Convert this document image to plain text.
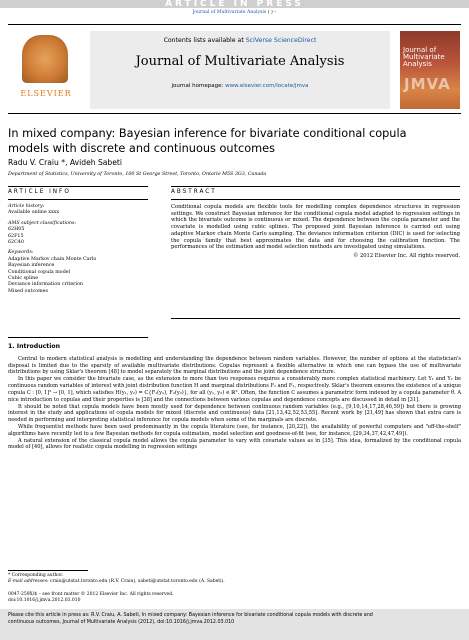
ARTICLE IN PRESS
Journal of Multivariate Analysis ( ) –
ELSEVIER
Contents lists available at SciVerse ScienceDirect
Journal of Multivariate Analysis
journal homepage: www.elsevier.com/locate/jmva
Journal of Multivariate Analysis
JMVA
In mixed company: Bayesian inference for bivariate conditional copula
models with discrete and continuous outcomes
Radu V. Craiu *, Avideh Sabeti
Department of Statistics, University of Toronto, 100 St George Street, Toronto, Ontario M5S 3G3, Canada
ARTICLE INFO	ABSTRACT
Article history:
Available online xxxx
AMS subject classifications:
62H05
62F15
62C40
Keywords:
Adaptive Markov chain Monte Carlo
Bayesian inference
Conditional copula model
Cubic spline
Deviance information criterion
Mixed outcomes
Conditional copula models are flexible tools for modelling complex dependence structures in regression settings. We construct Bayesian inference for the conditional copula model adapted to regression settings in which the bivariate outcome is continuous or mixed. The dependence between the copula parameter and the covariate is modelled using cubic splines. The proposed joint Bayesian inference is carried out using adaptive Markov chain Monte Carlo sampling. The deviance information criterion (DIC) is used for selecting the copula family that best approximates the data and for choosing the calibration function. The performances of the estimation and model selection methods are investigated using simulations.
© 2012 Elsevier Inc. All rights reserved.
1. Introduction

Central to modern statistical analysis is modelling and understanding the dependence between random variables. However, the number of options at the statistician's disposal is limited due to the sparsity of available multivariate distributions. Copulas represent a flexible alternative in which one can bypass the use of multivariate distributions by using Sklar's theorem [48] to model separately the marginal distributions and the joint dependence structure.

In this paper we consider the bivariate case, as the extension to more than two responses requires a considerably more complex statistical machinery. Let Y₁ and Y₂ be continuous random variables of interest with joint distribution function H and marginal distributions F₁ and F₂, respectively. Sklar's theorem ensures the existence of a unique copula C : [0, 1]² → [0, 1], which satisfies H(y₁, y₂) = C{F₁(y₁), F₂(y₂)}, for all (y₁, y₂) ∈ ℝ². Often, the function C assumes a parametric form indexed by a copula parameter θ. A nice introduction to copulas and their properties is [38] and the connections between various copulas and dependence concepts are discussed in detail in [31].

It should be noted that copula models have been mostly used for dependence between continuous random variables (e.g., [9,10,14,17,28,46,59]) but there is growing interest in the study and applications of copula models for mixed (discrete and continuous) data [21,13,42,52,53,55]. Recent work by [21,49] has shown that extra care is needed in performing and interpreting statistical inference for copula models when some of the marginals are discrete.

While frequentist methods have been used predominantly in the copula literature (see, for instance, [20,22]), the availability of powerful computers and "off-the-shelf" algorithms have recently led to a few Bayesian methods for copula estimation, model selection and goodness-of-fit (see, for instance, [29,34,37,42,47,49]).

A natural extension of the classical copula model allows the copula parameter to vary with covariate values as in [35]. This idea, formalized by the conditional copula model of [40], allows for realistic copula modelling in regression settings

* Corresponding author.
E-mail addresses: craiu@utstat.toronto.edu (R.V. Craiu), sabeti@utstat.toronto.edu (A. Sabeti).
0047-259X/$ – see front matter © 2012 Elsevier Inc. All rights reserved.
doi:10.1016/j.jmva.2012.03.010
Please cite this article in press as: R.V. Craiu, A. Sabeti, In mixed company: Bayesian inference for bivariate conditional copula models with discrete and
continuous outcomes, Journal of Multivariate Analysis (2012), doi:10.1016/j.jmva.2012.03.010
